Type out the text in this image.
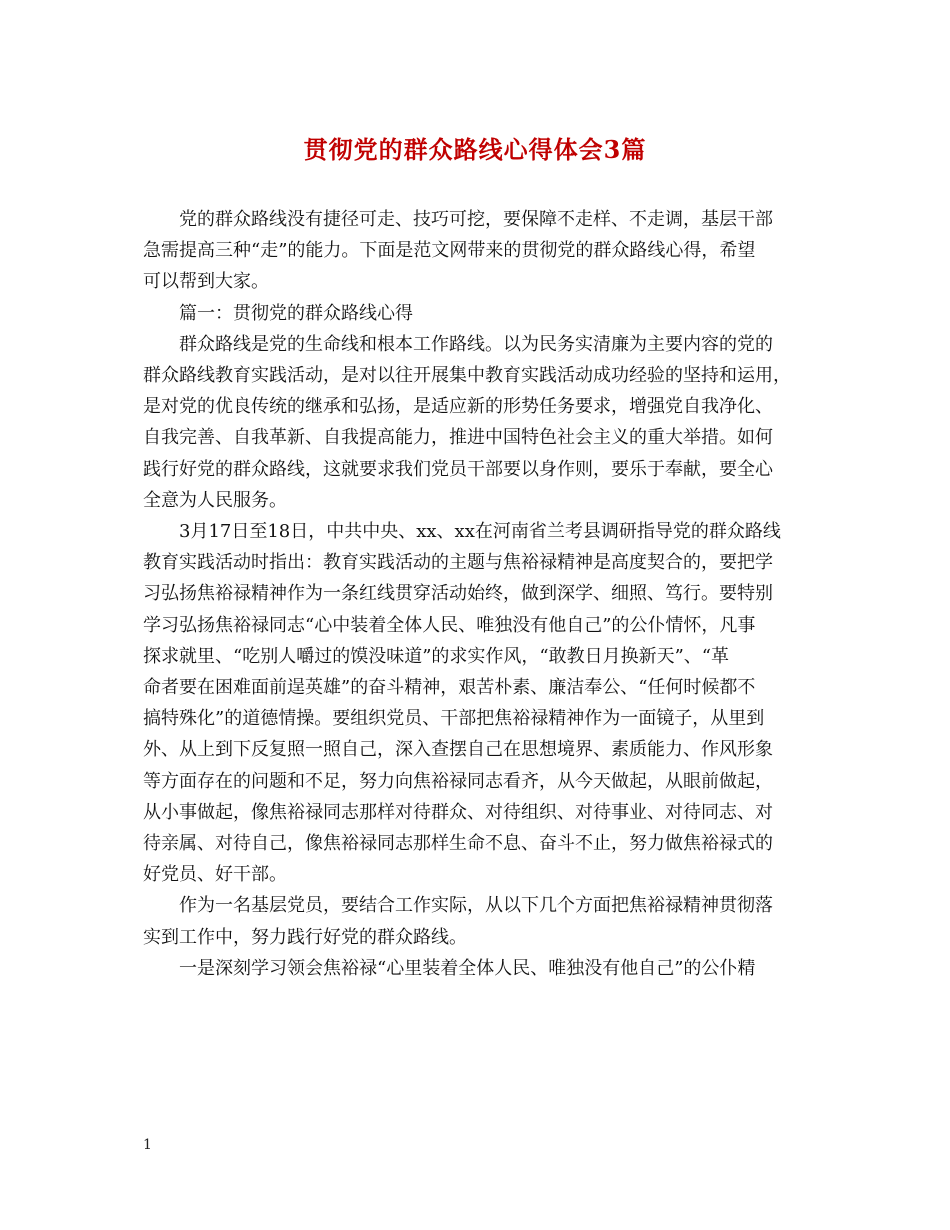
贯彻党的群众路线心得体会3篇

党的群众路线没有捷径可走、技巧可挖，要保障不走样、不走调，基层干部
急需提高三种“走”的能力。下面是范文网带来的贯彻党的群众路线心得，希望
可以帮到大家。

篇一：贯彻党的群众路线心得

群众路线是党的生命线和根本工作路线。以为民务实清廉为主要内容的党的
群众路线教育实践活动，是对以往开展集中教育实践活动成功经验的坚持和运用，
是对党的优良传统的继承和弘扬，是适应新的形势任务要求，增强党自我净化、
自我完善、自我革新、自我提高能力，推进中国特色社会主义的重大举措。如何
践行好党的群众路线，这就要求我们党员干部要以身作则，要乐于奉献，要全心
全意为人民服务。

3月17日至18日，中共中央、xx、xx在河南省兰考县调研指导党的群众路线
教育实践活动时指出：教育实践活动的主题与焦裕禄精神是高度契合的，要把学
习弘扬焦裕禄精神作为一条红线贯穿活动始终，做到深学、细照、笃行。要特别
学习弘扬焦裕禄同志“心中装着全体人民、唯独没有他自己”的公仆情怀，凡事
探求就里、“吃别人嚼过的馍没味道”的求实作风，“敢教日月换新天”、“革
命者要在困难面前逞英雄”的奋斗精神，艰苦朴素、廉洁奉公、“任何时候都不
搞特殊化”的道德情操。要组织党员、干部把焦裕禄精神作为一面镜子，从里到
外、从上到下反复照一照自己，深入查摆自己在思想境界、素质能力、作风形象
等方面存在的问题和不足，努力向焦裕禄同志看齐，从今天做起，从眼前做起，
从小事做起，像焦裕禄同志那样对待群众、对待组织、对待事业、对待同志、对
待亲属、对待自己，像焦裕禄同志那样生命不息、奋斗不止，努力做焦裕禄式的
好党员、好干部。

作为一名基层党员，要结合工作实际，从以下几个方面把焦裕禄精神贯彻落
实到工作中，努力践行好党的群众路线。

一是深刻学习领会焦裕禄“心里装着全体人民、唯独没有他自己”的公仆精

1
